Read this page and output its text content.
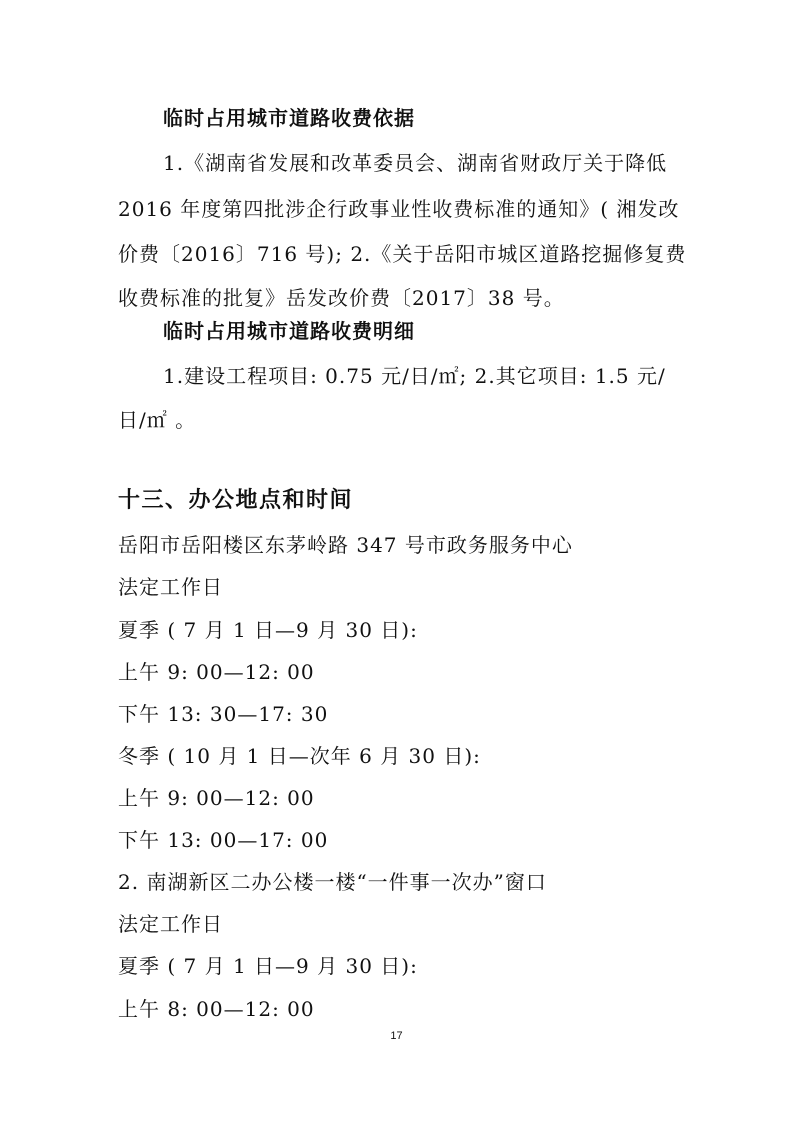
临时占用城市道路收费依据
1.《湖南省发展和改革委员会、湖南省财政厅关于降低
2016 年度第四批涉企行政事业性收费标准的通知》( 湘发改
价费〔2016〕716 号); 2.《关于岳阳市城区道路挖掘修复费
收费标准的批复》岳发改价费〔2017〕38 号。
临时占用城市道路收费明细
1.建设工程项目: 0.75 元/日/㎡; 2.其它项目: 1.5 元/
日/㎡ 。
十三、办公地点和时间
岳阳市岳阳楼区东茅岭路 347 号市政务服务中心
法定工作日
夏季 ( 7 月 1 日—9 月 30 日):
上午 9: 00—12: 00
下午 13: 30—17: 30
冬季 ( 10 月 1 日—次年 6 月 30 日):
上午 9: 00—12: 00
下午 13: 00—17: 00
2. 南湖新区二办公楼一楼“一件事一次办”窗口
法定工作日
夏季 ( 7 月 1 日—9 月 30 日):
上午 8: 00—12: 00
17
